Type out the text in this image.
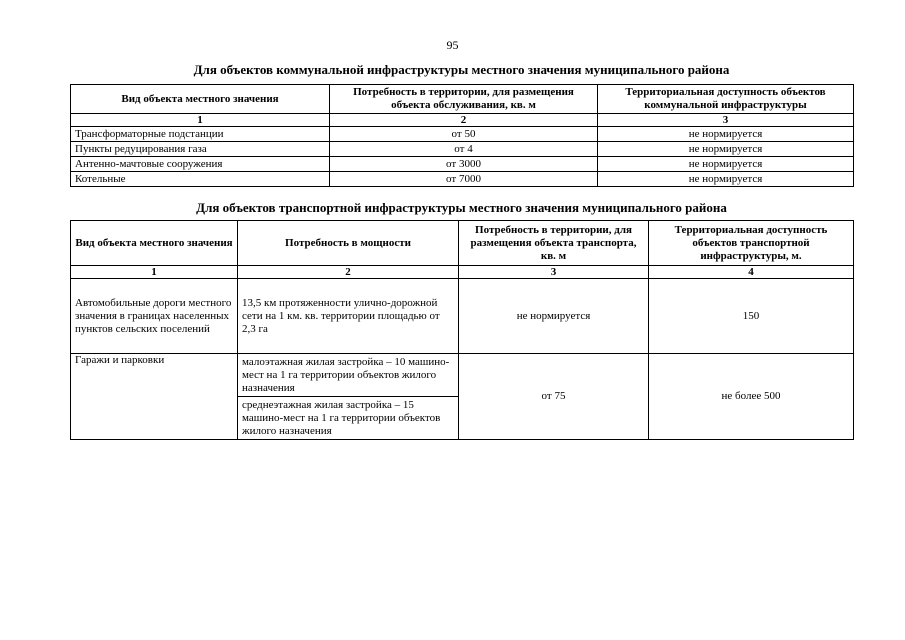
95
Для объектов коммунальной инфраструктуры местного значения муниципального района
Вид объекта местного значения	Потребность в территории, для размещения объекта обслуживания, кв. м	Территориальная доступность объектов коммунальной инфраструктуры
1	2	3
Трансформаторные подстанции	от 50	не нормируется
Пункты редуцирования газа	от 4	не нормируется
Антенно-мачтовые сооружения	от 3000	не нормируется
Котельные	от 7000	не нормируется
Для объектов транспортной инфраструктуры местного значения муниципального района
Вид объекта местного значения	Потребность в мощности	Потребность в территории, для размещения объекта транспорта, кв. м	Территориальная доступность объектов транспортной инфраструктуры, м.
1	2	3	4
Автомобильные дороги местного значения в границах населенных пунктов сельских поселений	13,5 км протяженности улично-дорожной сети на 1 км. кв. территории площадью от 2,3 га	не нормируется	150
Гаражи и парковки	малоэтажная жилая застройка – 10 машино-мест на 1 га территории объектов жилого назначения	от 75	не более 500
	среднеэтажная жилая застройка – 15 машино-мест на 1 га территории объектов жилого назначения		
